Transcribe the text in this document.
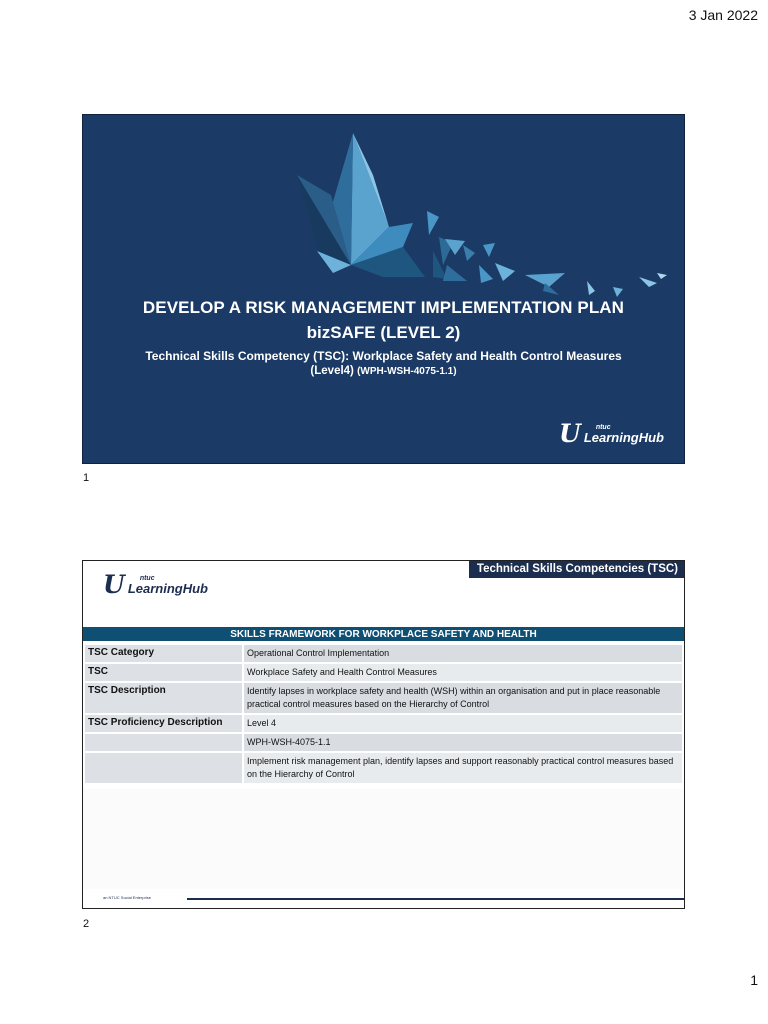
3 Jan 2022
DEVELOP A RISK MANAGEMENT IMPLEMENTATION PLAN
bizSAFE (LEVEL 2)
Technical Skills Competency (TSC): Workplace Safety and Health Control Measures
(Level4) (WPH-WSH-4075-1.1)
U ntuc
LearningHub
1
Technical Skills Competencies (TSC)
U ntuc
LearningHub
SKILLS FRAMEWORK FOR WORKPLACE SAFETY AND HEALTH
TSC Category	Operational Control Implementation
TSC	Workplace Safety and Health Control Measures
TSC Description	Identify lapses in workplace safety and health (WSH) within an organisation and put in place reasonable practical control measures based on the Hierarchy of Control
TSC Proficiency Description	Level 4
	WPH-WSH-4075-1.1
	Implement risk management plan, identify lapses and support reasonably practical control measures based on the Hierarchy of Control
an NTUC Social Enterprise
2
1
